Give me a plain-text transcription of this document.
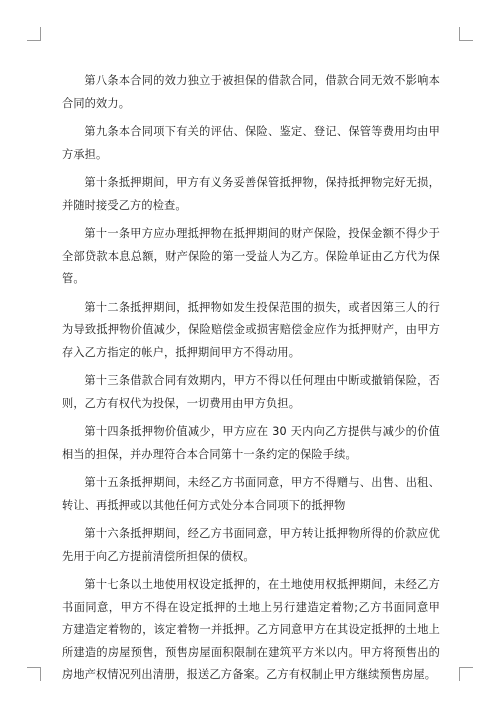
第八条本合同的效力独立于被担保的借款合同，借款合同无效不影响本合同的效力。

第九条本合同项下有关的评估、保险、鉴定、登记、保管等费用均由甲方承担。

第十条抵押期间，甲方有义务妥善保管抵押物，保持抵押物完好无损，并随时接受乙方的检查。

第十一条甲方应办理抵押物在抵押期间的财产保险，投保金额不得少于全部贷款本息总额，财产保险的第一受益人为乙方。保险单证由乙方代为保管。

第十二条抵押期间，抵押物如发生投保范围的损失，或者因第三人的行为导致抵押物价值减少，保险赔偿金或损害赔偿金应作为抵押财产，由甲方存入乙方指定的帐户，抵押期间甲方不得动用。

第十三条借款合同有效期内，甲方不得以任何理由中断或撤销保险，否则，乙方有权代为投保，一切费用由甲方负担。

第十四条抵押物价值减少，甲方应在 30 天内向乙方提供与减少的价值相当的担保，并办理符合本合同第十一条约定的保险手续。

第十五条抵押期间，未经乙方书面同意，甲方不得赠与、出售、出租、转让、再抵押或以其他任何方式处分本合同项下的抵押物

第十六条抵押期间，经乙方书面同意，甲方转让抵押物所得的价款应优先用于向乙方提前清偿所担保的债权。

第十七条以土地使用权设定抵押的，在土地使用权抵押期间，未经乙方书面同意，甲方不得在设定抵押的土地上另行建造定着物;乙方书面同意甲方建造定着物的，该定着物一并抵押。乙方同意甲方在其设定抵押的土地上所建造的房屋预售，预售房屋面积限制在建筑平方米以内。甲方将预售出的房地产权情况列出清册，报送乙方备案。乙方有权制止甲方继续预售房屋。
